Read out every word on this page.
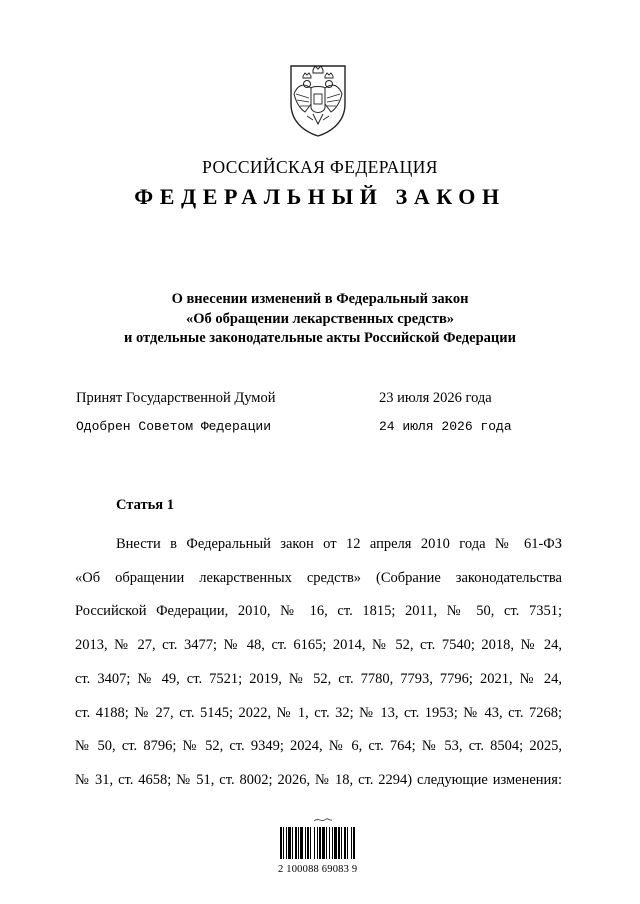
РОССИЙСКАЯ ФЕДЕРАЦИЯ
ФЕДЕРАЛЬНЫЙ ЗАКОН
О внесении изменений в Федеральный закон
«Об обращении лекарственных средств»
и отдельные законодательные акты Российской Федерации
Принят Государственной Думой	23 июля 2026 года
Одобрен Советом Федерации	24 июля 2026 года
Статья 1
Внести в Федеральный закон от 12 апреля 2010 года № 61-ФЗ
«Об обращении лекарственных средств» (Собрание законодательства
Российской Федерации, 2010, № 16, ст. 1815; 2011, № 50, ст. 7351;
2013, № 27, ст. 3477; № 48, ст. 6165; 2014, № 52, ст. 7540; 2018, № 24,
ст. 3407; № 49, ст. 7521; 2019, № 52, ст. 7780, 7793, 7796; 2021, № 24,
ст. 4188; № 27, ст. 5145; 2022, № 1, ст. 32; № 13, ст. 1953; № 43, ст. 7268;
№ 50, ст. 8796; № 52, ст. 9349; 2024, № 6, ст. 764; № 53, ст. 8504; 2025,
№ 31, ст. 4658; № 51, ст. 8002; 2026, № 18, ст. 2294) следующие изменения:
2 100088 69083 9
